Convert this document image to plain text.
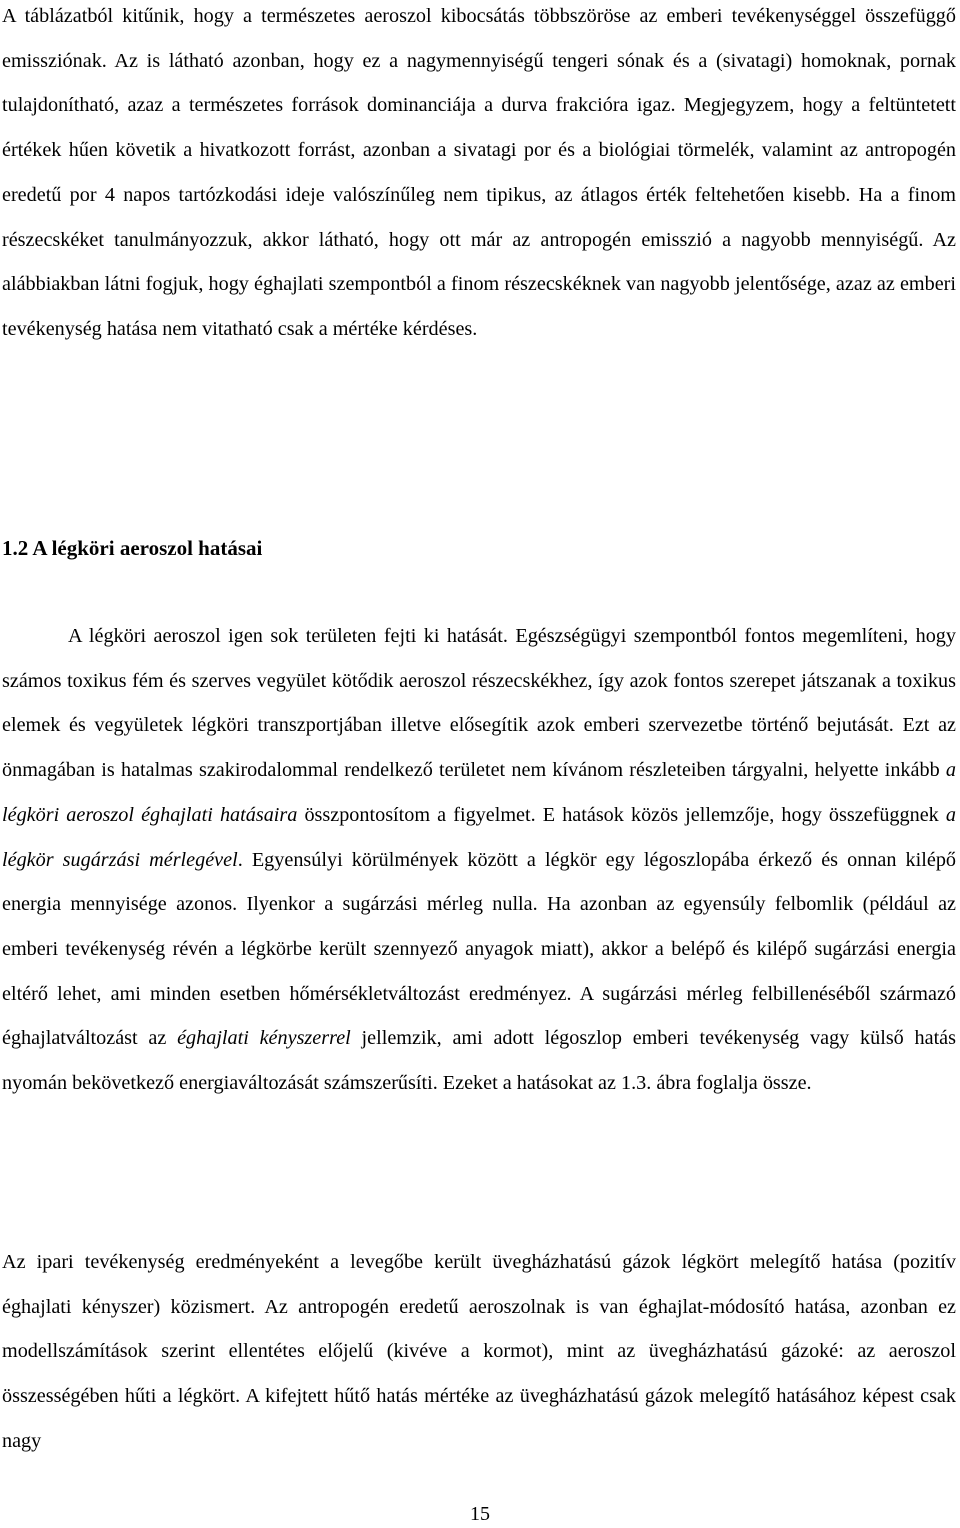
A táblázatból kitűnik, hogy a természetes aeroszol kibocsátás többszöröse az emberi tevékenységgel összefüggő emissziónak. Az is látható azonban, hogy ez a nagymennyiségű tengeri sónak és a (sivatagi) homoknak, pornak tulajdonítható, azaz a természetes források dominanciája a durva frakcióra igaz. Megjegyzem, hogy a feltüntetett értékek hűen követik a hivatkozott forrást, azonban a sivatagi por és a biológiai törmelék, valamint az antropogén eredetű por 4 napos tartózkodási ideje valószínűleg nem tipikus, az átlagos érték feltehetően kisebb. Ha a finom részecskéket tanulmányozzuk, akkor látható, hogy ott már az antropogén emisszió a nagyobb mennyiségű. Az alábbiakban látni fogjuk, hogy éghajlati szempontból a finom részecskéknek van nagyobb jelentősége, azaz az emberi tevékenység hatása nem vitatható csak a mértéke kérdéses.

1.2 A légköri aeroszol hatásai

A légköri aeroszol igen sok területen fejti ki hatását. Egészségügyi szempontból fontos megemlíteni, hogy számos toxikus fém és szerves vegyület kötődik aeroszol részecskékhez, így azok fontos szerepet játszanak a toxikus elemek és vegyületek légköri transzportjában illetve elősegítik azok emberi szervezetbe történő bejutását. Ezt az önmagában is hatalmas szakirodalommal rendelkező területet nem kívánom részleteiben tárgyalni, helyette inkább a légköri aeroszol éghajlati hatásaira összpontosítom a figyelmet. E hatások közös jellemzője, hogy összefüggnek a légkör sugárzási mérlegével. Egyensúlyi körülmények között a légkör egy légoszlopába érkező és onnan kilépő energia mennyisége azonos. Ilyenkor a sugárzási mérleg nulla. Ha azonban az egyensúly felbomlik (például az emberi tevékenység révén a légkörbe került szennyező anyagok miatt), akkor a belépő és kilépő sugárzási energia eltérő lehet, ami minden esetben hőmérsékletváltozást eredményez. A sugárzási mérleg felbillenéséből származó éghajlatváltozást az éghajlati kényszerrel jellemzik, ami adott légoszlop emberi tevékenység vagy külső hatás nyomán bekövetkező energiaváltozását számszerűsíti. Ezeket a hatásokat az 1.3. ábra foglalja össze.

Az ipari tevékenység eredményeként a levegőbe került üvegházhatású gázok légkört melegítő hatása (pozitív éghajlati kényszer) közismert. Az antropogén eredetű aeroszolnak is van éghajlat-módosító hatása, azonban ez modellszámítások szerint ellentétes előjelű (kivéve a kormot), mint az üvegházhatású gázoké: az aeroszol összességében hűti a légkört. A kifejtett hűtő hatás mértéke az üvegházhatású gázok melegítő hatásához képest csak nagy

15
